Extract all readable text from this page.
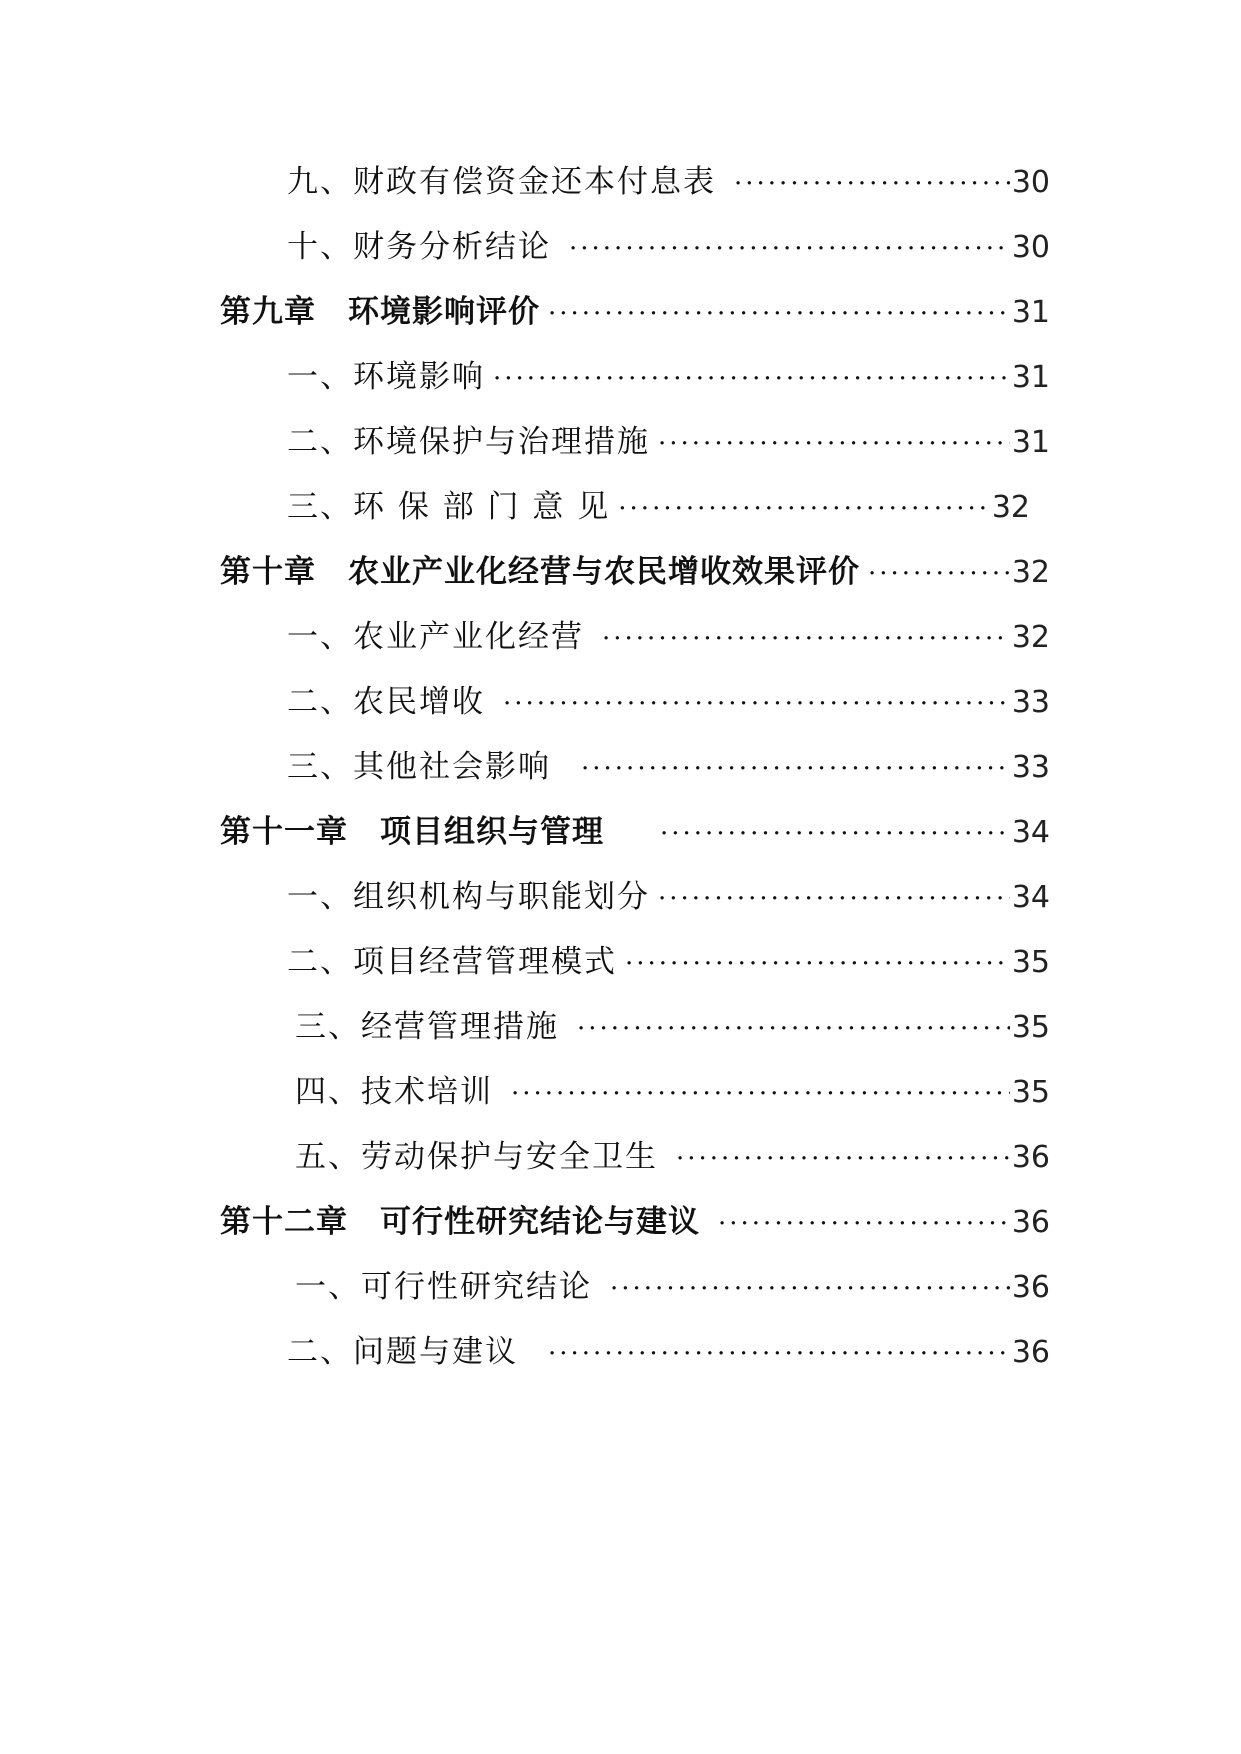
九、财政有偿资金还本付息表 ·····	30
十、财务分析结论 ·····	30
第九章　环境影响评价 ·····	31
一、环境影响 ·····	31
二、环境保护与治理措施 ·····	31
三、环 保 部 门 意 见 ·····	32
第十章　农业产业化经营与农民增收效果评价 ·····	32
一、农业产业化经营 ·····	32
二、农民增收 ·····	33
三、其他社会影响 ·····	33
第十一章　项目组织与管理 ·····	34
一、组织机构与职能划分 ·····	34
二、项目经营管理模式 ·····	35
三、经营管理措施 ·····	35
四、技术培训 ·····	35
五、劳动保护与安全卫生 ·····	36
第十二章　可行性研究结论与建议 ·····	36
一、可行性研究结论 ·····	36
二、问题与建议 ·····	36
